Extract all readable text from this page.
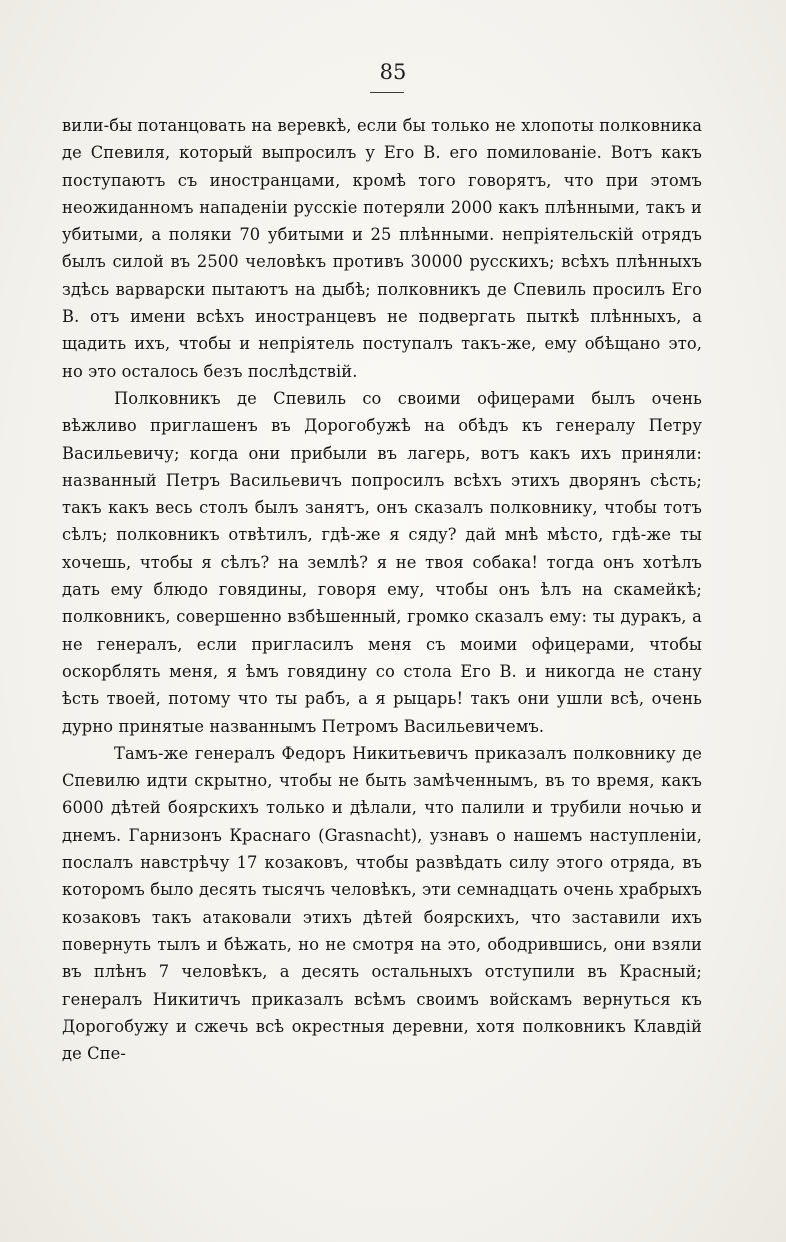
85

вили-бы потанцовать на веревкѣ, если бы только не хлопоты полковника де Спевиля, который выпросилъ у Его В. его помилованіе. Вотъ какъ поступаютъ съ иностранцами, кромѣ того говорятъ, что при этомъ неожиданномъ нападеніи русскіе потеряли 2000 какъ плѣнными, такъ и убитыми, а поляки 70 убитыми и 25 плѣнными. непріятельскій отрядъ былъ силой въ 2500 человѣкъ противъ 30000 русскихъ; всѣхъ плѣнныхъ здѣсь варварски пытаютъ на дыбѣ; полковникъ де Спевиль просилъ Его В. отъ имени всѣхъ иностранцевъ не подвергать пыткѣ плѣнныхъ, а щадить ихъ, чтобы и непріятель поступалъ такъ-же, ему обѣщано это, но это осталось безъ послѣдствій.

Полковникъ де Спевиль со своими офицерами былъ очень вѣжливо приглашенъ въ Дорогобужѣ на обѣдъ къ генералу Петру Васильевичу; когда они прибыли въ лагерь, вотъ какъ ихъ приняли: названный Петръ Васильевичъ попросилъ всѣхъ этихъ дворянъ сѣсть; такъ какъ весь столъ былъ занятъ, онъ сказалъ полковнику, чтобы тотъ сѣлъ; полковникъ отвѣтилъ, гдѣ-же я сяду? дай мнѣ мѣсто, гдѣ-же ты хочешь, чтобы я сѣлъ? на землѣ? я не твоя собака! тогда онъ хотѣлъ дать ему блюдо говядины, говоря ему, чтобы онъ ѣлъ на скамейкѣ; полковникъ, совершенно взбѣшенный, громко сказалъ ему: ты дуракъ, а не генералъ, если пригласилъ меня съ моими офицерами, чтобы оскорблять меня, я ѣмъ говядину со стола Его В. и никогда не стану ѣсть твоей, потому что ты рабъ, а я рыцарь! такъ они ушли всѣ, очень дурно принятые названнымъ Петромъ Васильевичемъ.

Тамъ-же генералъ Федоръ Никитьевичъ приказалъ полковнику де Спевилю идти скрытно, чтобы не быть замѣченнымъ, въ то время, какъ 6000 дѣтей боярскихъ только и дѣлали, что палили и трубили ночью и днемъ. Гарнизонъ Краснаго (Grasnacht), узнавъ о нашемъ наступленіи, послалъ навстрѣчу 17 козаковъ, чтобы развѣдать силу этого отряда, въ которомъ было десять тысячъ человѣкъ, эти семнадцать очень храбрыхъ козаковъ такъ атаковали этихъ дѣтей боярскихъ, что заставили ихъ повернуть тылъ и бѣжать, но не смотря на это, ободрившись, они взяли въ плѣнъ 7 человѣкъ, а десять остальныхъ отступили въ Красный; генералъ Никитичъ приказалъ всѣмъ своимъ войскамъ вернуться къ Дорогобужу и сжечь всѣ окрестныя деревни, хотя полковникъ Клавдій де Спе-
